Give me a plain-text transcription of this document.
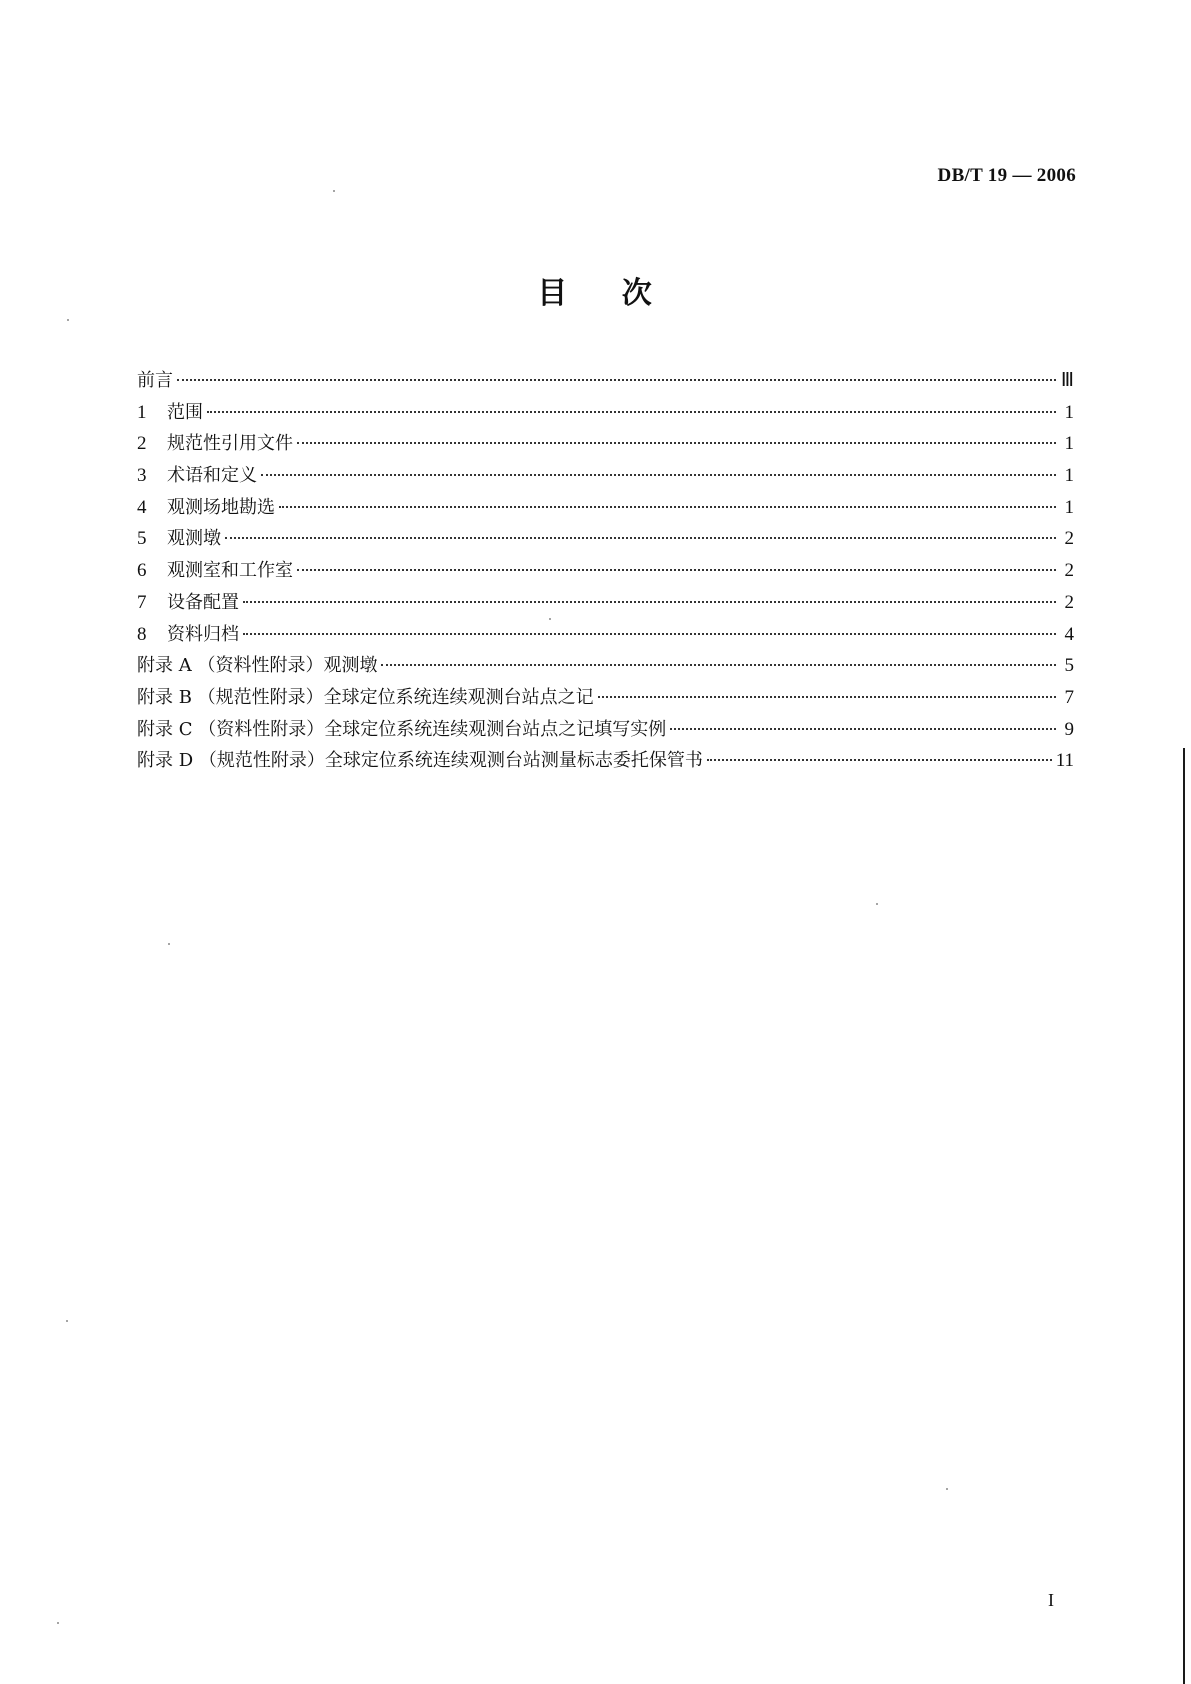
DB/T 19 — 2006
目 次
前言	Ⅲ
1	范围	1
2	规范性引用文件	1
3	术语和定义	1
4	观测场地勘选	1
5	观测墩	2
6	观测室和工作室	2
7	设备配置	2
8	资料归档	4
附录 A （资料性附录）观测墩	5
附录 B （规范性附录）全球定位系统连续观测台站点之记	7
附录 C （资料性附录）全球定位系统连续观测台站点之记填写实例	9
附录 D （规范性附录）全球定位系统连续观测台站测量标志委托保管书	11
I
